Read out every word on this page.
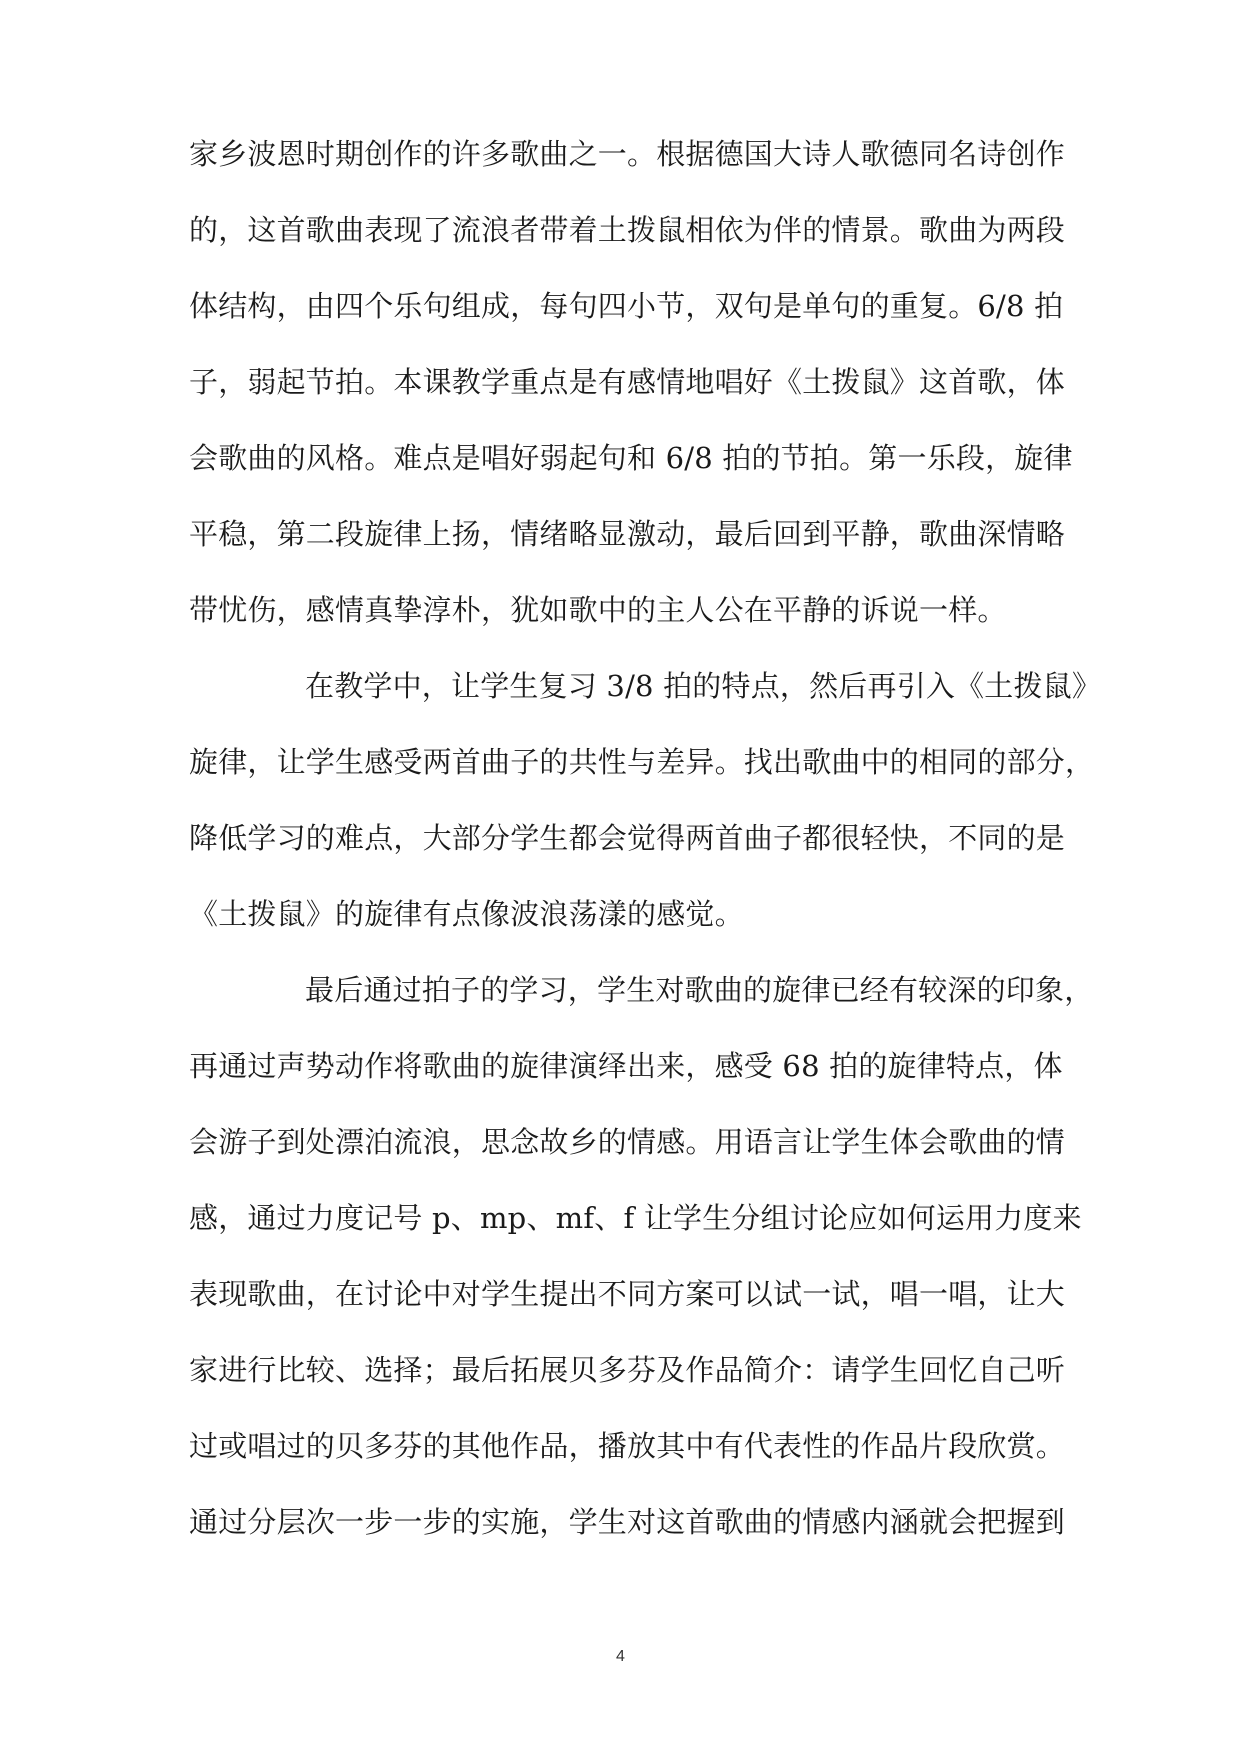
家乡波恩时期创作的许多歌曲之一。根据德国大诗人歌德同名诗创作
的，这首歌曲表现了流浪者带着土拨鼠相依为伴的情景。歌曲为两段
体结构，由四个乐句组成，每句四小节，双句是单句的重复。6/8 拍
子，弱起节拍。本课教学重点是有感情地唱好《土拨鼠》这首歌，体
会歌曲的风格。难点是唱好弱起句和 6/8 拍的节拍。第一乐段，旋律
平稳，第二段旋律上扬，情绪略显激动，最后回到平静，歌曲深情略
带忧伤，感情真挚淳朴，犹如歌中的主人公在平静的诉说一样。
在教学中，让学生复习 3/8 拍的特点，然后再引入《土拨鼠》
旋律，让学生感受两首曲子的共性与差异。找出歌曲中的相同的部分，
降低学习的难点，大部分学生都会觉得两首曲子都很轻快，不同的是
《土拨鼠》的旋律有点像波浪荡漾的感觉。
最后通过拍子的学习，学生对歌曲的旋律已经有较深的印象，
再通过声势动作将歌曲的旋律演绎出来，感受 68 拍的旋律特点，体
会游子到处漂泊流浪，思念故乡的情感。用语言让学生体会歌曲的情
感，通过力度记号 p、mp、mf、f 让学生分组讨论应如何运用力度来
表现歌曲，在讨论中对学生提出不同方案可以试一试，唱一唱，让大
家进行比较、选择；最后拓展贝多芬及作品简介：请学生回忆自己听
过或唱过的贝多芬的其他作品，播放其中有代表性的作品片段欣赏。
通过分层次一步一步的实施，学生对这首歌曲的情感内涵就会把握到
4
